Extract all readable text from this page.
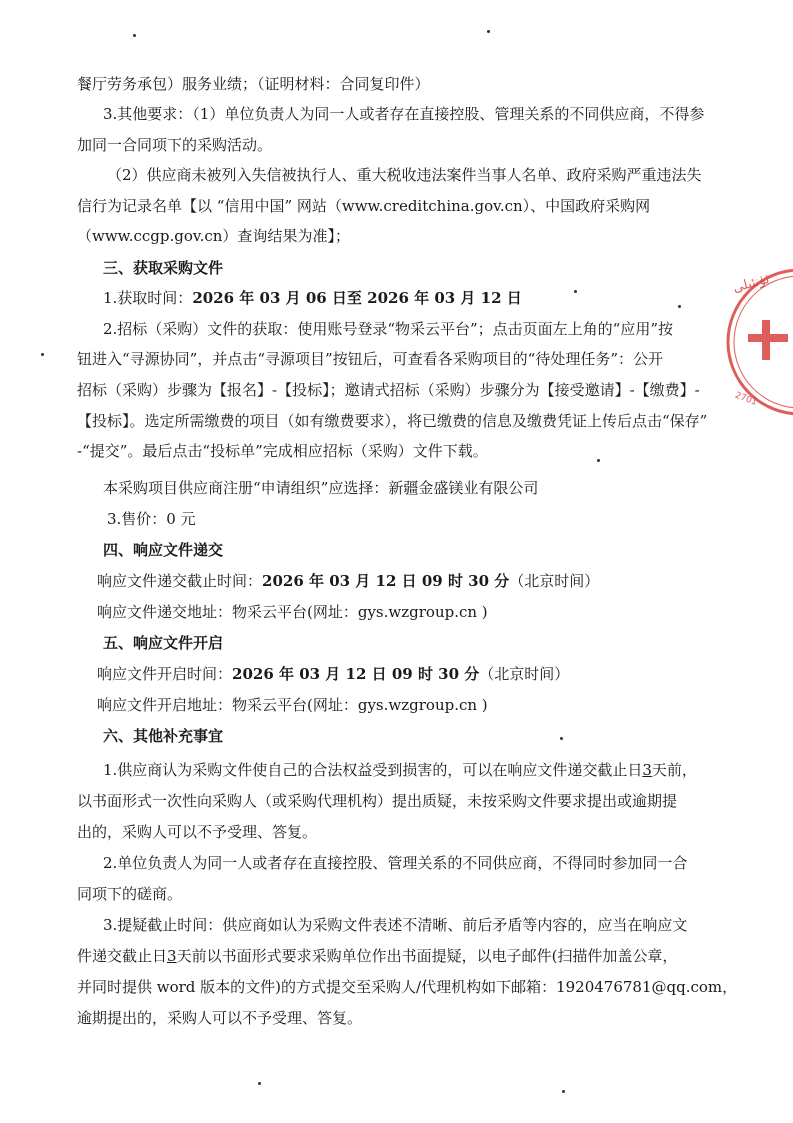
餐厅劳务承包）服务业绩；（证明材料：合同复印件）
3.其他要求：（1）单位负责人为同一人或者存在直接控股、管理关系的不同供应商，不得参
加同一合同项下的采购活动。
（2）供应商未被列入失信被执行人、重大税收违法案件当事人名单、政府采购严重违法失
信行为记录名单【以 “信用中国” 网站（www.creditchina.gov.cn）、中国政府采购网
（www.ccgp.gov.cn）查询结果为准】；
三、获取采购文件
1.获取时间：2026 年 03 月 06 日至 2026 年 03 月 12 日
2.招标（采购）文件的获取：使用账号登录“物采云平台”；点击页面左上角的“应用”按
钮进入“寻源协同”，并点击“寻源项目”按钮后，可查看各采购项目的“待处理任务”：公开
招标（采购）步骤为【报名】-【投标】；邀请式招标（采购）步骤分为【接受邀请】-【缴费】-
【投标】。选定所需缴费的项目（如有缴费要求），将已缴费的信息及缴费凭证上传后点击“保存”
-“提交”。最后点击“投标单”完成相应招标（采购）文件下载。
本采购项目供应商注册“申请组织”应选择：新疆金盛镁业有限公司
3.售价：0 元
四、响应文件递交
响应文件递交截止时间：2026 年 03 月 12 日 09 时 30 分（北京时间）
响应文件递交地址：物采云平台(网址：gys.wzgroup.cn )
五、响应文件开启
响应文件开启时间：2026 年 03 月 12 日 09 时 30 分（北京时间）
响应文件开启地址：物采云平台(网址：gys.wzgroup.cn )
六、其他补充事宜
1.供应商认为采购文件使自己的合法权益受到损害的，可以在响应文件递交截止日3天前，
以书面形式一次性向采购人（或采购代理机构）提出质疑，未按采购文件要求提出或逾期提
出的，采购人可以不予受理、答复。
2.单位负责人为同一人或者存在直接控股、管理关系的不同供应商，不得同时参加同一合
同项下的磋商。
3.提疑截止时间：供应商如认为采购文件表述不清晰、前后矛盾等内容的，应当在响应文
件递交截止日3天前以书面形式要求采购单位作出书面提疑，以电子邮件(扫描件加盖公章，
并同时提供 word 版本的文件)的方式提交至采购人/代理机构如下邮箱：1920476781@qq.com，
逾期提出的，采购人可以不予受理、答复。
ئۈنئىلى
2701
